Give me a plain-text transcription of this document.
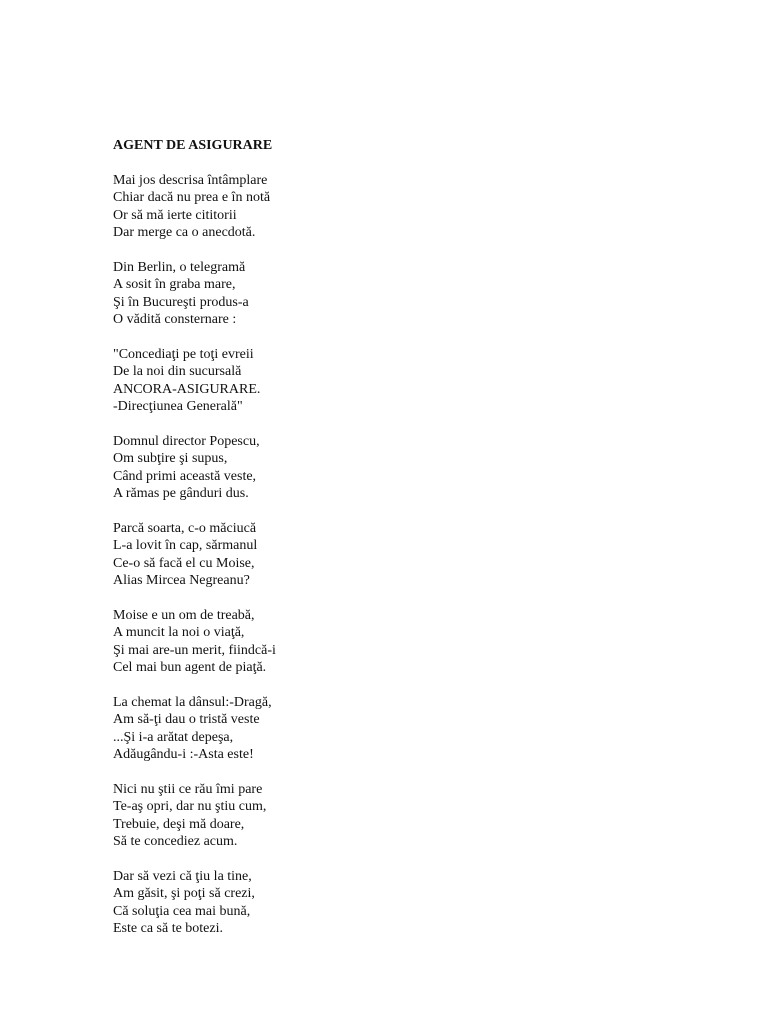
AGENT DE ASIGURARE
Mai jos descrisa întâmplare
Chiar dacă nu prea e în notă
Or să mă ierte cititorii
Dar merge ca o anecdotă.
Din Berlin, o telegramă
A sosit în graba mare,
Şi în Bucureşti produs-a
O vădită consternare :
"Concediaţi pe toţi evreii
De la noi din sucursală
ANCORA-ASIGURARE.
-Direcţiunea Generală"
Domnul director Popescu,
Om subţire şi supus,
Când primi această veste,
A rămas pe gânduri dus.
Parcă soarta, c-o măciucă
L-a lovit în cap, sărmanul
Ce-o să facă el cu Moise,
Alias Mircea Negreanu?
Moise e un om de treabă,
A muncit la noi o viaţă,
Şi mai are-un merit, fiindcă-i
Cel mai bun agent de piaţă.
La chemat la dânsul:-Dragă,
Am să-ţi dau o tristă veste
...Şi i-a arătat depeşa,
Adăugându-i :-Asta este!
Nici nu ştii ce rău îmi pare
Te-aş opri, dar nu ştiu cum,
Trebuie, deşi mă doare,
Să te concediez acum.
Dar să vezi că ţiu la tine,
Am găsit, şi poţi să crezi,
Că soluţia cea mai bună,
Este ca să te botezi.
